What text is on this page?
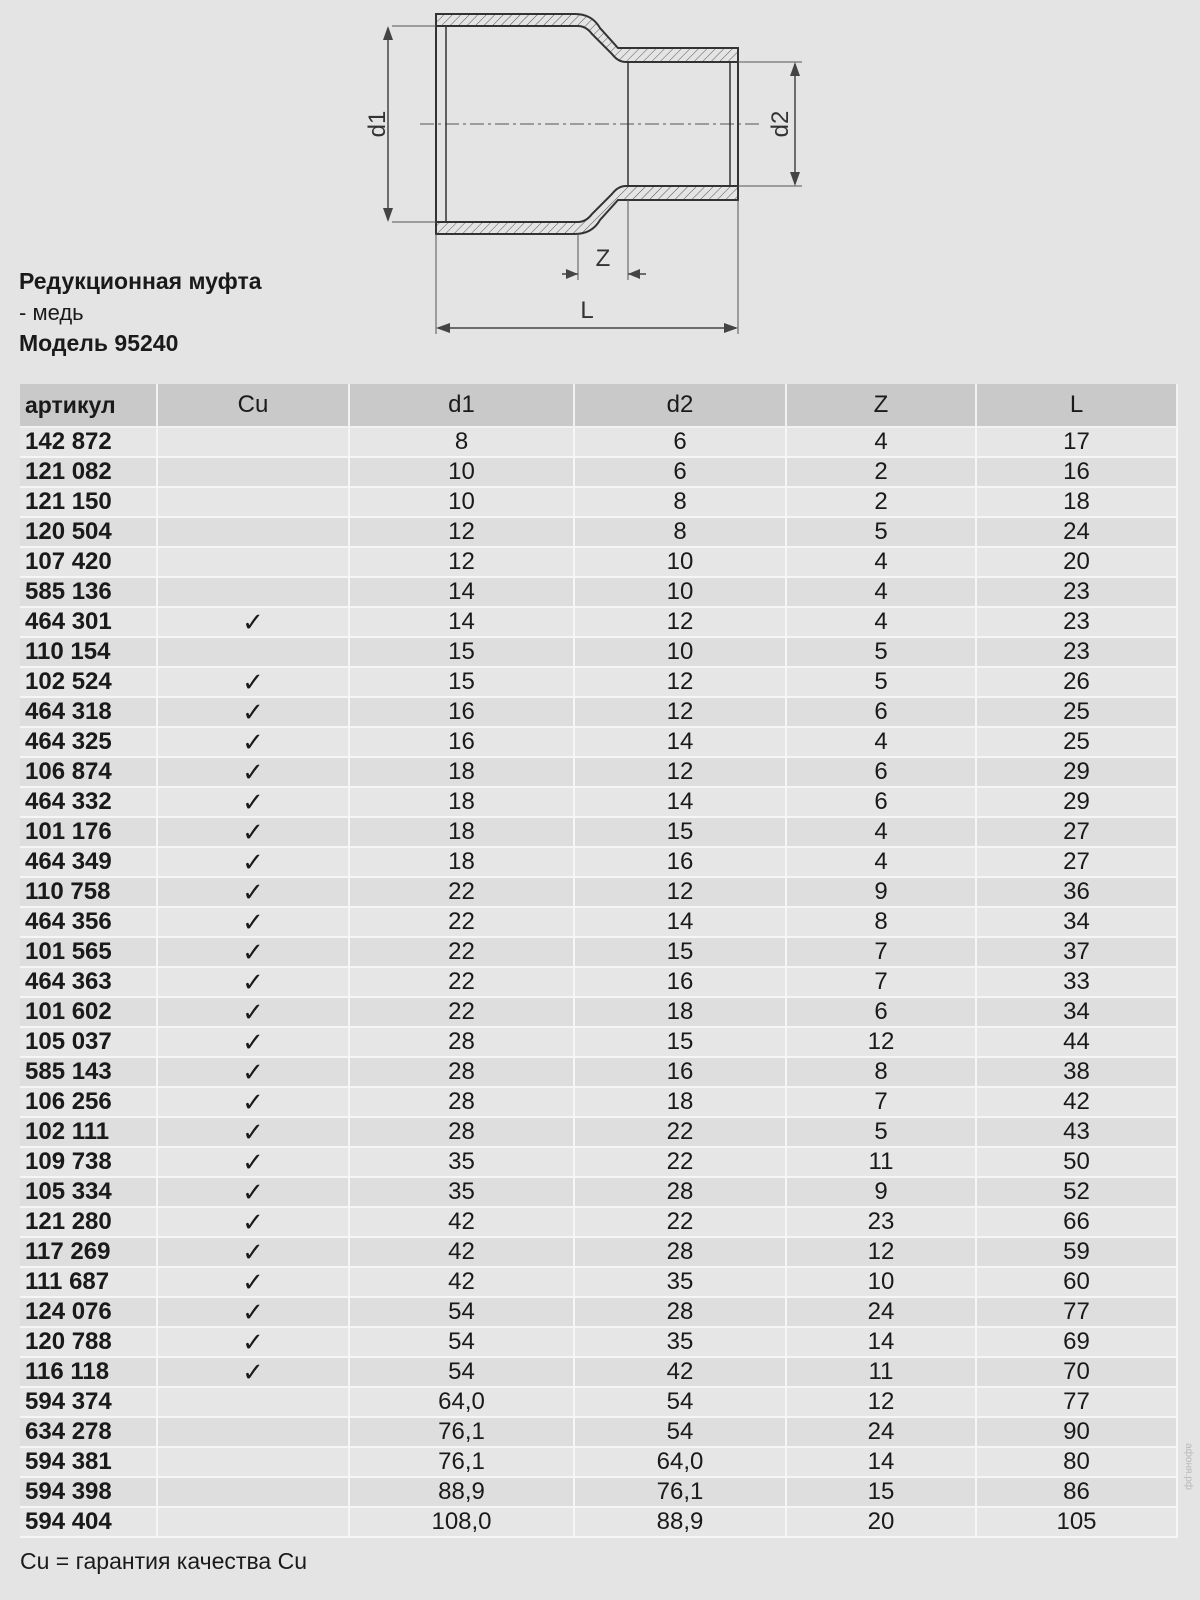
d1	d2
Z
L
Редукционная муфта
- медь
Модель 95240
артикул	Cu	d1	d2	Z	L
142 872		8	6	4	17
121 082		10	6	2	16
121 150		10	8	2	18
120 504		12	8	5	24
107 420		12	10	4	20
585 136		14	10	4	23
464 301	✓	14	12	4	23
110 154		15	10	5	23
102 524	✓	15	12	5	26
464 318	✓	16	12	6	25
464 325	✓	16	14	4	25
106 874	✓	18	12	6	29
464 332	✓	18	14	6	29
101 176	✓	18	15	4	27
464 349	✓	18	16	4	27
110 758	✓	22	12	9	36
464 356	✓	22	14	8	34
101 565	✓	22	15	7	37
464 363	✓	22	16	7	33
101 602	✓	22	18	6	34
105 037	✓	28	15	12	44
585 143	✓	28	16	8	38
106 256	✓	28	18	7	42
102 111	✓	28	22	5	43
109 738	✓	35	22	11	50
105 334	✓	35	28	9	52
121 280	✓	42	22	23	66
117 269	✓	42	28	12	59
111 687	✓	42	35	10	60
124 076	✓	54	28	24	77
120 788	✓	54	35	14	69
116 118	✓	54	42	11	70
594 374		64,0	54	12	77
634 278		76,1	54	24	90
594 381		76,1	64,0	14	80
594 398		88,9	76,1	15	86
594 404		108,0	88,9	20	105
Cu = гарантия качества Cu
афоня.рф
